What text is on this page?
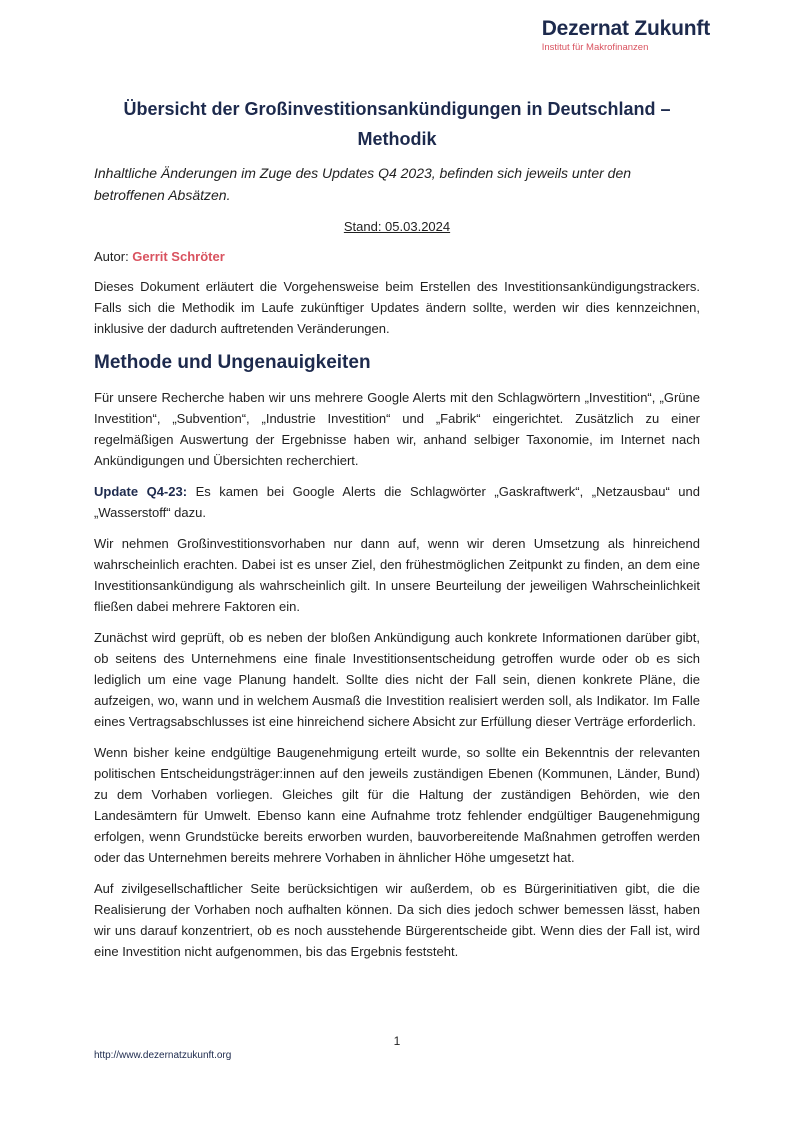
Dezernat Zukunft
Institut für Makrofinanzen
Übersicht der Großinvestitionsankündigungen in Deutschland – Methodik
Inhaltliche Änderungen im Zuge des Updates Q4 2023, befinden sich jeweils unter den betroffenen Absätzen.
Stand: 05.03.2024
Autor: Gerrit Schröter

Dieses Dokument erläutert die Vorgehensweise beim Erstellen des Investitionsankündigungstrackers. Falls sich die Methodik im Laufe zukünftiger Updates ändern sollte, werden wir dies kennzeichnen, inklusive der dadurch auftretenden Veränderungen.

Methode und Ungenauigkeiten

Für unsere Recherche haben wir uns mehrere Google Alerts mit den Schlagwörtern „Investition“, „Grüne Investition“, „Subvention“, „Industrie Investition“ und „Fabrik“ eingerichtet. Zusätzlich zu einer regelmäßigen Auswertung der Ergebnisse haben wir, anhand selbiger Taxonomie, im Internet nach Ankündigungen und Übersichten recherchiert.

Update Q4-23: Es kamen bei Google Alerts die Schlagwörter „Gaskraftwerk“, „Netzausbau“ und „Wasserstoff“ dazu.

Wir nehmen Großinvestitionsvorhaben nur dann auf, wenn wir deren Umsetzung als hinreichend wahrscheinlich erachten. Dabei ist es unser Ziel, den frühestmöglichen Zeitpunkt zu finden, an dem eine Investitionsankündigung als wahrscheinlich gilt. In unsere Beurteilung der jeweiligen Wahrscheinlichkeit fließen dabei mehrere Faktoren ein.

Zunächst wird geprüft, ob es neben der bloßen Ankündigung auch konkrete Informationen darüber gibt, ob seitens des Unternehmens eine finale Investitionsentscheidung getroffen wurde oder ob es sich lediglich um eine vage Planung handelt. Sollte dies nicht der Fall sein, dienen konkrete Pläne, die aufzeigen, wo, wann und in welchem Ausmaß die Investition realisiert werden soll, als Indikator. Im Falle eines Vertragsabschlusses ist eine hinreichend sichere Absicht zur Erfüllung dieser Verträge erforderlich.

Wenn bisher keine endgültige Baugenehmigung erteilt wurde, so sollte ein Bekenntnis der relevanten politischen Entscheidungsträger:innen auf den jeweils zuständigen Ebenen (Kommunen, Länder, Bund) zu dem Vorhaben vorliegen. Gleiches gilt für die Haltung der zuständigen Behörden, wie den Landesämtern für Umwelt. Ebenso kann eine Aufnahme trotz fehlender endgültiger Baugenehmigung erfolgen, wenn Grundstücke bereits erworben wurden, bauvorbereitende Maßnahmen getroffen werden oder das Unternehmen bereits mehrere Vorhaben in ähnlicher Höhe umgesetzt hat.

Auf zivilgesellschaftlicher Seite berücksichtigen wir außerdem, ob es Bürgerinitiativen gibt, die die Realisierung der Vorhaben noch aufhalten können. Da sich dies jedoch schwer bemessen lässt, haben wir uns darauf konzentriert, ob es noch ausstehende Bürgerentscheide gibt. Wenn dies der Fall ist, wird eine Investition nicht aufgenommen, bis das Ergebnis feststeht.

1
http://www.dezernatzukunft.org
